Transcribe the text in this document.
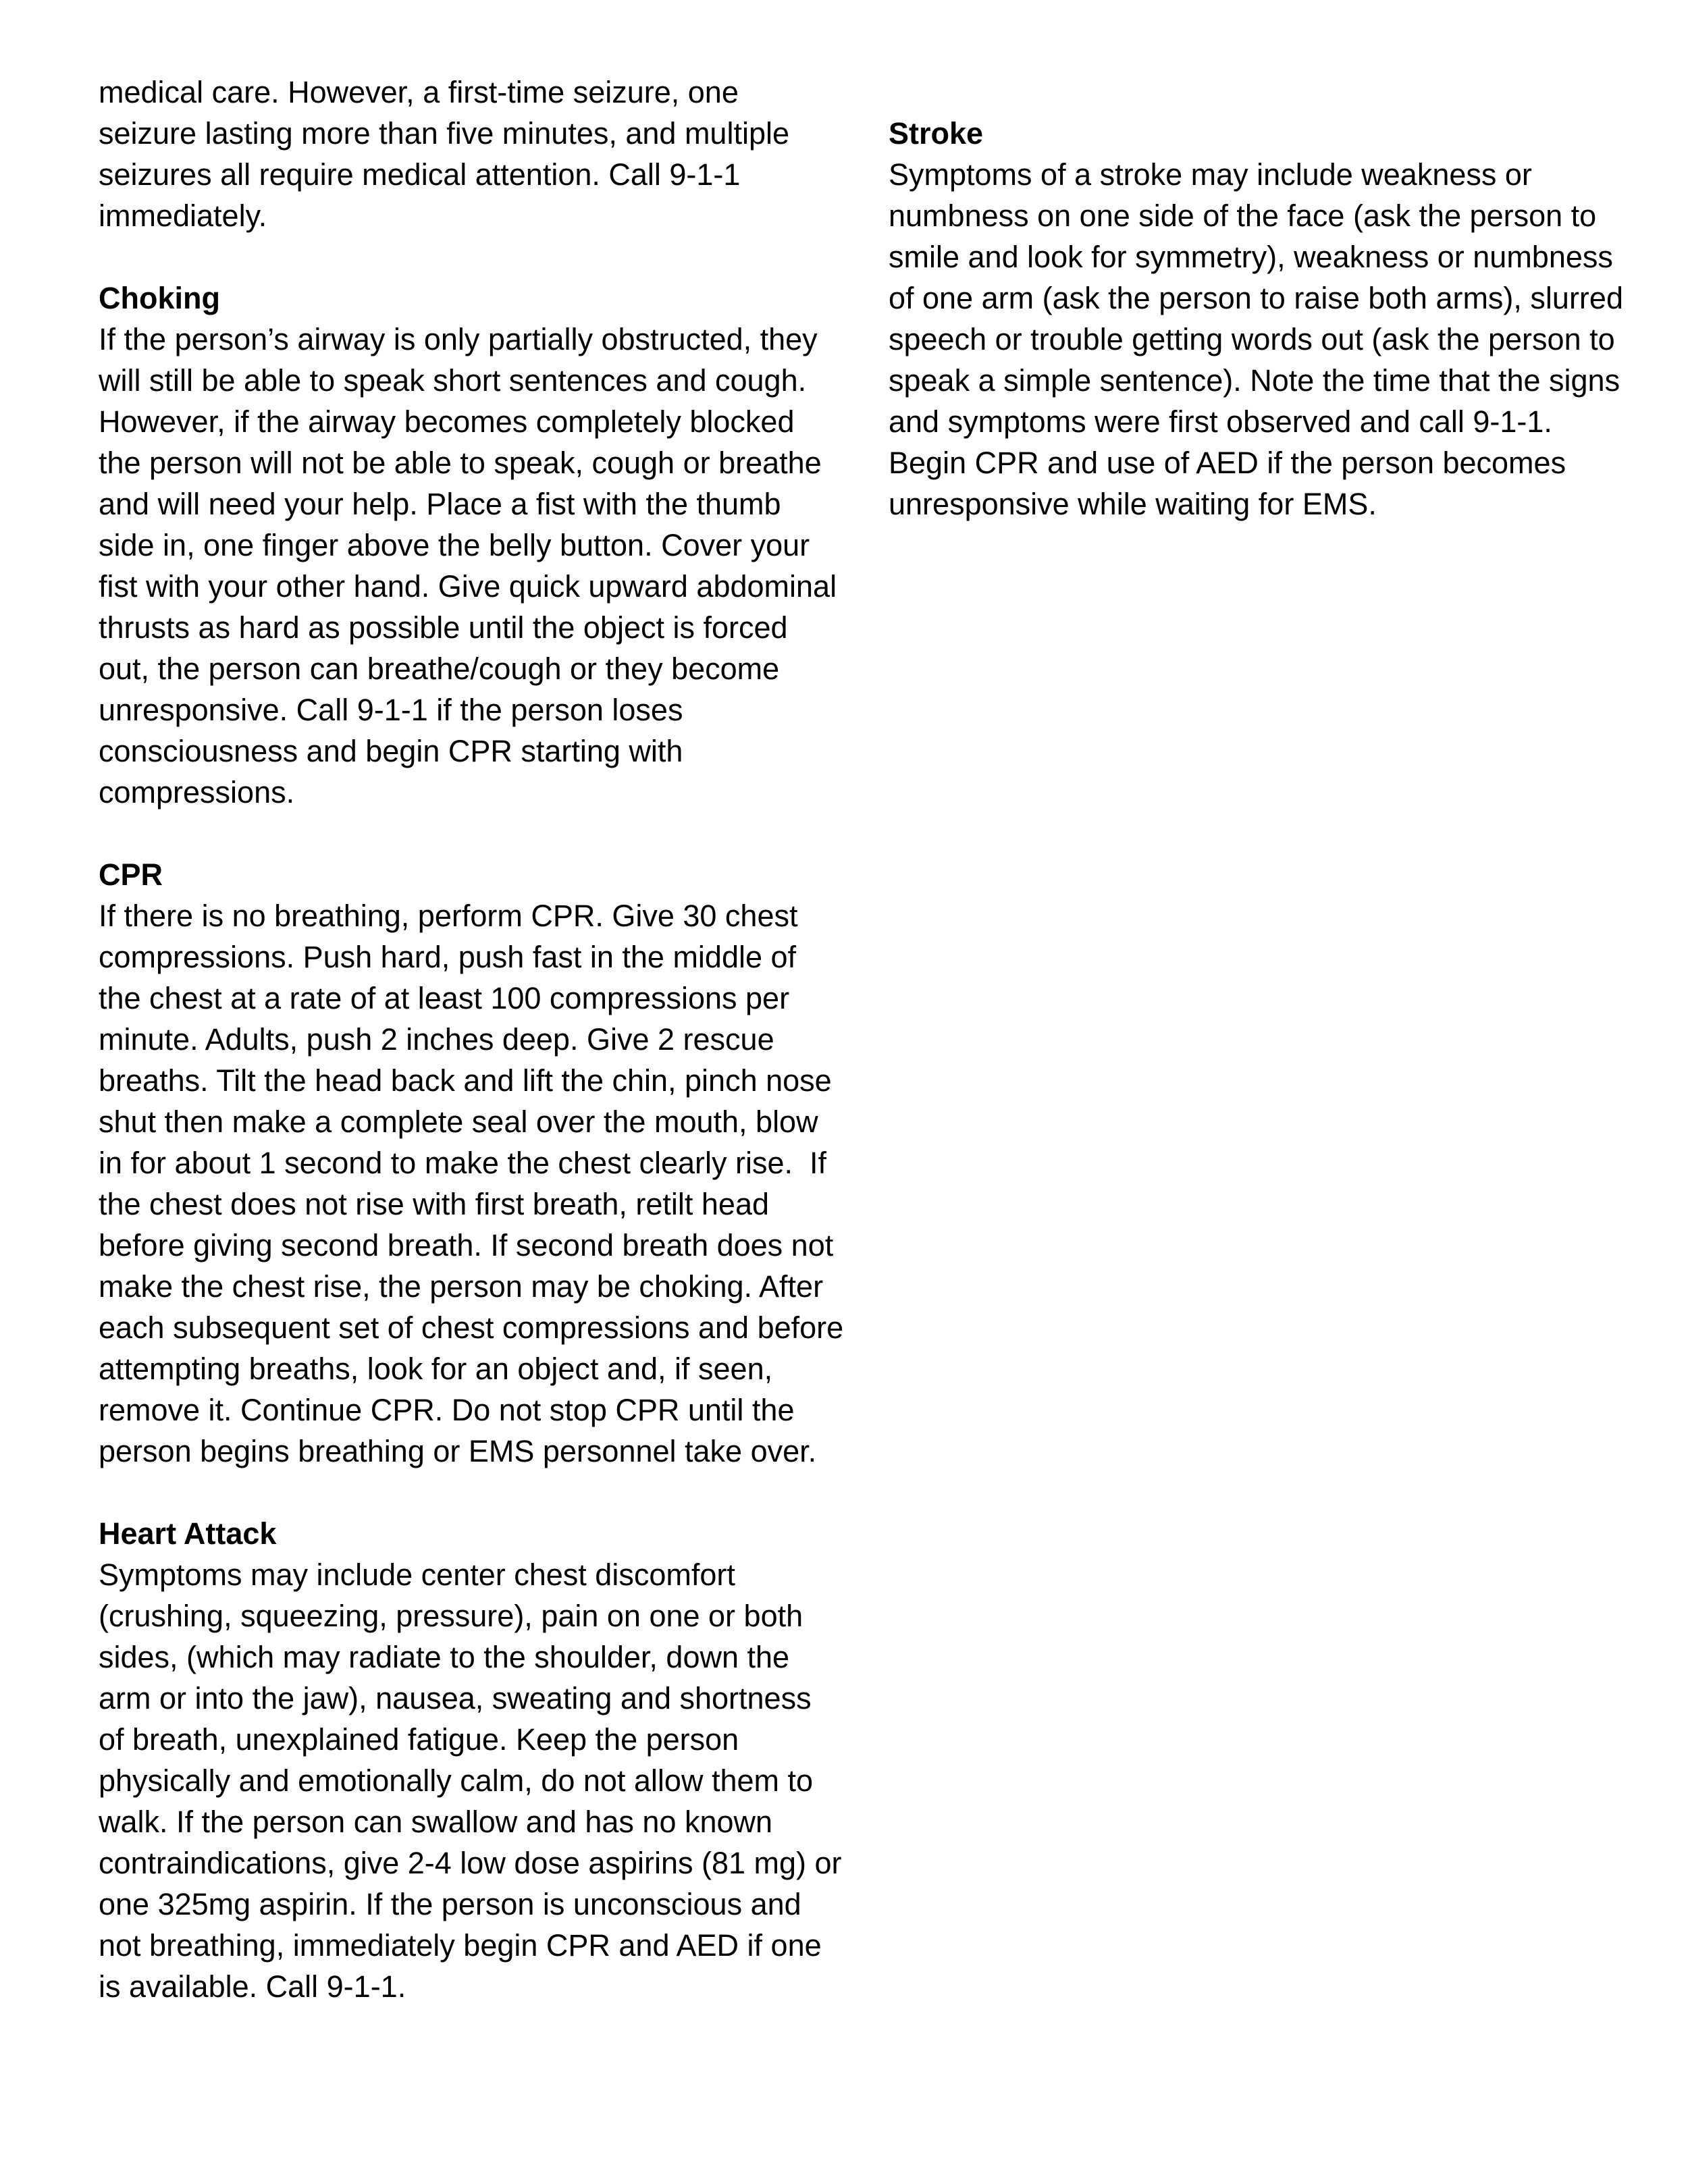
medical care. However, a first-time seizure, one
seizure lasting more than five minutes, and multiple
seizures all require medical attention. Call 9-1-1
immediately.
Choking
If the person’s airway is only partially obstructed, they
will still be able to speak short sentences and cough.
However, if the airway becomes completely blocked
the person will not be able to speak, cough or breathe
and will need your help. Place a fist with the thumb
side in, one finger above the belly button. Cover your
fist with your other hand. Give quick upward abdominal
thrusts as hard as possible until the object is forced
out, the person can breathe/cough or they become
unresponsive. Call 9-1-1 if the person loses
consciousness and begin CPR starting with
compressions.
CPR
If there is no breathing, perform CPR. Give 30 chest
compressions. Push hard, push fast in the middle of
the chest at a rate of at least 100 compressions per
minute. Adults, push 2 inches deep. Give 2 rescue
breaths. Tilt the head back and lift the chin, pinch nose
shut then make a complete seal over the mouth, blow
in for about 1 second to make the chest clearly rise.  If
the chest does not rise with first breath, retilt head
before giving second breath. If second breath does not
make the chest rise, the person may be choking. After
each subsequent set of chest compressions and before
attempting breaths, look for an object and, if seen,
remove it. Continue CPR. Do not stop CPR until the
person begins breathing or EMS personnel take over.
Heart Attack
Symptoms may include center chest discomfort
(crushing, squeezing, pressure), pain on one or both
sides, (which may radiate to the shoulder, down the
arm or into the jaw), nausea, sweating and shortness
of breath, unexplained fatigue. Keep the person
physically and emotionally calm, do not allow them to
walk. If the person can swallow and has no known
contraindications, give 2-4 low dose aspirins (81 mg) or
one 325mg aspirin. If the person is unconscious and
not breathing, immediately begin CPR and AED if one
is available. Call 9-1-1.
Stroke
Symptoms of a stroke may include weakness or
numbness on one side of the face (ask the person to
smile and look for symmetry), weakness or numbness
of one arm (ask the person to raise both arms), slurred
speech or trouble getting words out (ask the person to
speak a simple sentence). Note the time that the signs
and symptoms were first observed and call 9-1-1.
Begin CPR and use of AED if the person becomes
unresponsive while waiting for EMS.
